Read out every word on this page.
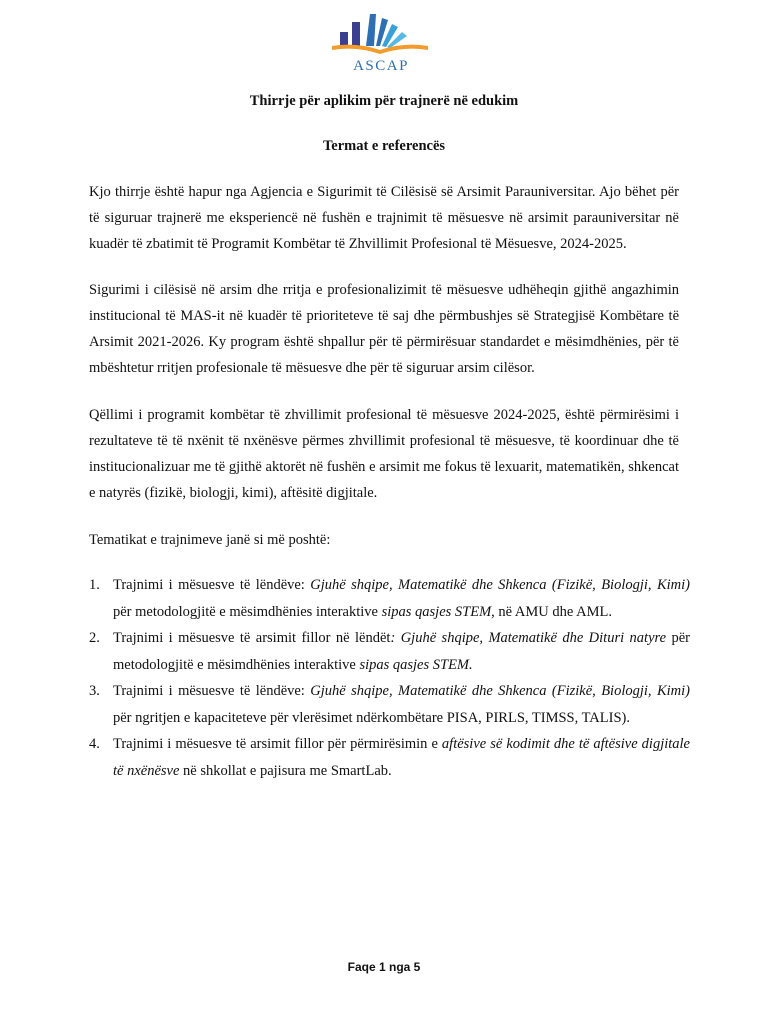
ASCAP
Thirrje për aplikim për trajnerë në edukim
Termat e referencës

Kjo thirrje është hapur nga Agjencia e Sigurimit të Cilësisë së Arsimit Parauniversitar. Ajo bëhet për të siguruar trajnerë me eksperiencë në fushën e trajnimit të mësuesve në arsimit parauniversitar në kuadër të zbatimit të Programit Kombëtar të Zhvillimit Profesional të Mësuesve, 2024-2025.

Sigurimi i cilësisë në arsim dhe rritja e profesionalizimit të mësuesve udhëheqin gjithë angazhimin institucional të MAS-it në kuadër të prioriteteve të saj dhe përmbushjes së Strategjisë Kombëtare të Arsimit 2021-2026. Ky program është shpallur për të përmirësuar standardet e mësimdhënies, për të mbështetur rritjen profesionale të mësuesve dhe për të siguruar arsim cilësor.

Qëllimi i programit kombëtar të zhvillimit profesional të mësuesve 2024-2025, është përmirësimi i rezultateve të të nxënit të nxënësve përmes zhvillimit profesional të mësuesve, të koordinuar dhe të institucionalizuar me të gjithë aktorët në fushën e arsimit me fokus të lexuarit, matematikën, shkencat e natyrës (fizikë, biologji, kimi), aftësitë digjitale.

Tematikat e trajnimeve janë si më poshtë:

1. Trajnimi i mësuesve të lëndëve: Gjuhë shqipe, Matematikë dhe Shkenca (Fizikë, Biologji, Kimi) për metodologjitë e mësimdhënies interaktive sipas qasjes STEM, në AMU dhe AML.
2. Trajnimi i mësuesve të arsimit fillor në lëndët: Gjuhë shqipe, Matematikë dhe Dituri natyre për metodologjitë e mësimdhënies interaktive sipas qasjes STEM.
3. Trajnimi i mësuesve të lëndëve: Gjuhë shqipe, Matematikë dhe Shkenca (Fizikë, Biologji, Kimi) për ngritjen e kapaciteteve për vlerësimet ndërkombëtare PISA, PIRLS, TIMSS, TALIS).
4. Trajnimi i mësuesve të arsimit fillor për përmirësimin e aftësive së kodimit dhe të aftësive digjitale të nxënësve në shkollat e pajisura me SmartLab.
Faqe 1 nga 5
